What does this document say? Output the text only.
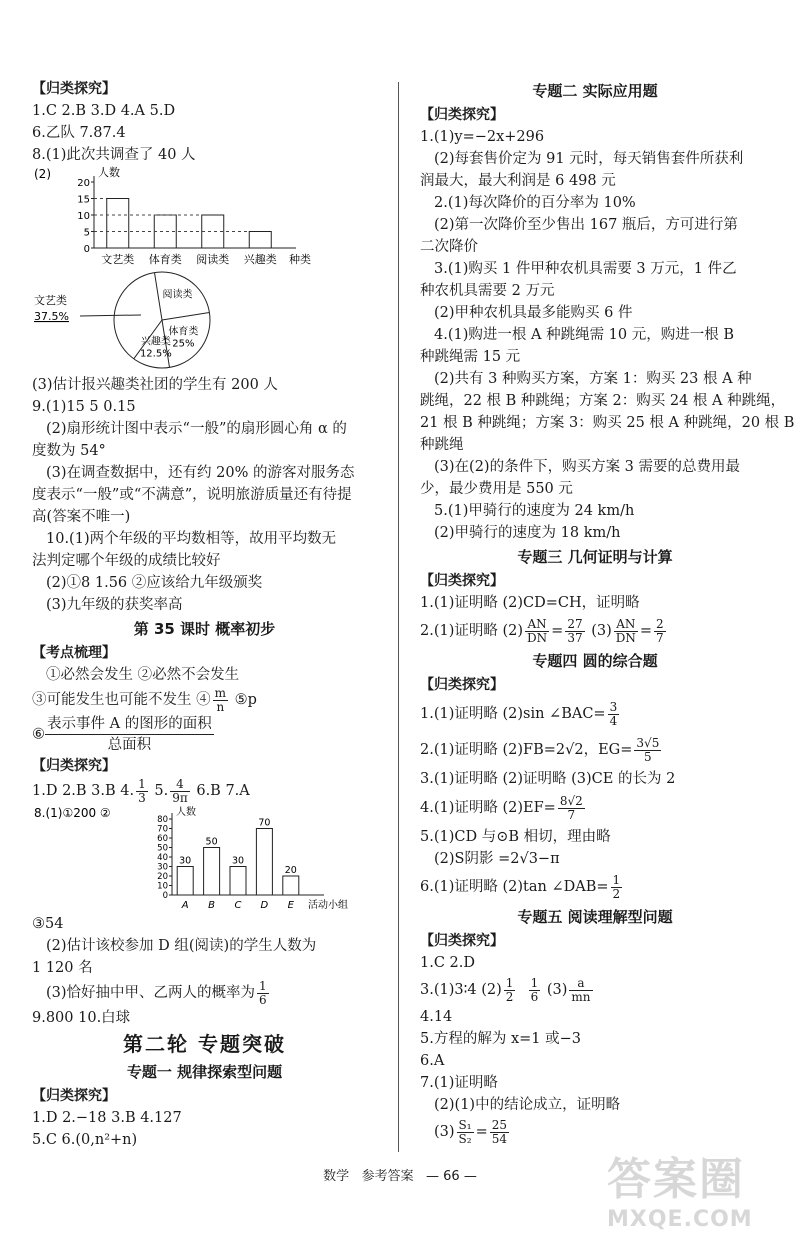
【归类探究】
1.C 2.B 3.D 4.A 5.D
6.乙队 7.87.4
8.(1)此次共调查了 40 人
(2)	人数
20
15
10
5
0
文艺类 体育类 阅读类 兴趣类 种类
阅读类
体育类
25%
兴趣类
12.5%
文艺类
37.5%
(3)估计报兴趣类社团的学生有 200 人
9.(1)15 5 0.15
(2)扇形统计图中表示“一般”的扇形圆心角 α 的
度数为 54°
(3)在调查数据中，还有约 20% 的游客对服务态
度表示“一般”或“不满意”，说明旅游质量还有待提
高(答案不唯一)
10.(1)两个年级的平均数相等，故用平均数无
法判定哪个年级的成绩比较好
(2)①8 1.56 ②应该给九年级颁奖
(3)九年级的获奖率高
第 35 课时 概率初步
【考点梳理】
①必然会发生 ②必然不会发生
③可能发生也可能不发生 ④ $\frac{m}{n}$ ⑤p
⑥
表示事件 A 的图形的面积
总面积
【归类探究】
1.D 2.B 3.B 4. $\frac{1}{3} 5$. $\frac{4}{9\pi} 6.B$ 7.A
8.(1)①200 ②	人数
80
70
60
50
40
30
20
10
0
30
A
50
B
30
C
70
D
20
E 活动小组
③54
(2)估计该校参加 D 组(阅读)的学生人数为
1 120 名
(3)恰好抽中甲、乙两人的概率为 $\frac{1}{6}$
9.800 10.白球
第二轮 专题突破
专题一 规律探索型问题
【归类探究】
1.D 2.−18 3.B 4.127
5.C 6.(0,n²+n)
专题二 实际应用题
【归类探究】
1.(1)y=−2x+296
(2)每套售价定为 91 元时，每天销售套件所获利
润最大，最大利润是 6 498 元
2.(1)每次降价的百分率为 10%
(2)第一次降价至少售出 167 瓶后，方可进行第
二次降价
3.(1)购买 1 件甲种农机具需要 3 万元，1 件乙
种农机具需要 2 万元
(2)甲种农机具最多能购买 6 件
4.(1)购进一根 A 种跳绳需 10 元，购进一根 B
种跳绳需 15 元
(2)共有 3 种购买方案，方案 1：购买 23 根 A 种
跳绳，22 根 B 种跳绳；方案 2：购买 24 根 A 种跳绳，
21 根 B 种跳绳；方案 3：购买 25 根 A 种跳绳，20 根 B
种跳绳
(3)在(2)的条件下，购买方案 3 需要的总费用最
少，最少费用是 550 元
5.(1)甲骑行的速度为 24 km/h
(2)甲骑行的速度为 18 km/h
专题三 几何证明与计算
【归类探究】
1.(1)证明略 (2)CD=CH，证明略
2.(1)证明略 $(2) \frac{AN}{DN} = \frac{27}{37} (3) \frac{AN}{DN} = \frac{2}{7}$
专题四 圆的综合题
【归类探究】
1.(1)证明略 (2)sin ∠BAC= $\frac{3}{4}$
2.(1)证明略 (2)FB=2√2，$EG= \frac{3√5}{5}$
3.(1)证明略 (2)证明略 (3)CE 的长为 2
4.(1)证明略 $(2)EF= \frac{8√2}{7}$
5.(1)CD 与⊙B 相切，理由略
(2)S阴影 =2√3−π
6.(1)证明略 (2)tan ∠DAB= $\frac{1}{2}$
专题五 阅读理解型问题
【归类探究】
1.C 2.D
3.(1)3∶4 $(2) \frac{1}{2}$
$\frac{1}{6} (3) \frac{a}{mn}$
4.14
5.方程的解为 x=1 或−3
6.A
7.(1)证明略
(2)(1)中的结论成立，证明略
$(3) \frac{\text{S₁}}{\text{S₂}} = \frac{25}{54}$
数学 参考答案 — 66 —	答案圈
MXQE.COM
